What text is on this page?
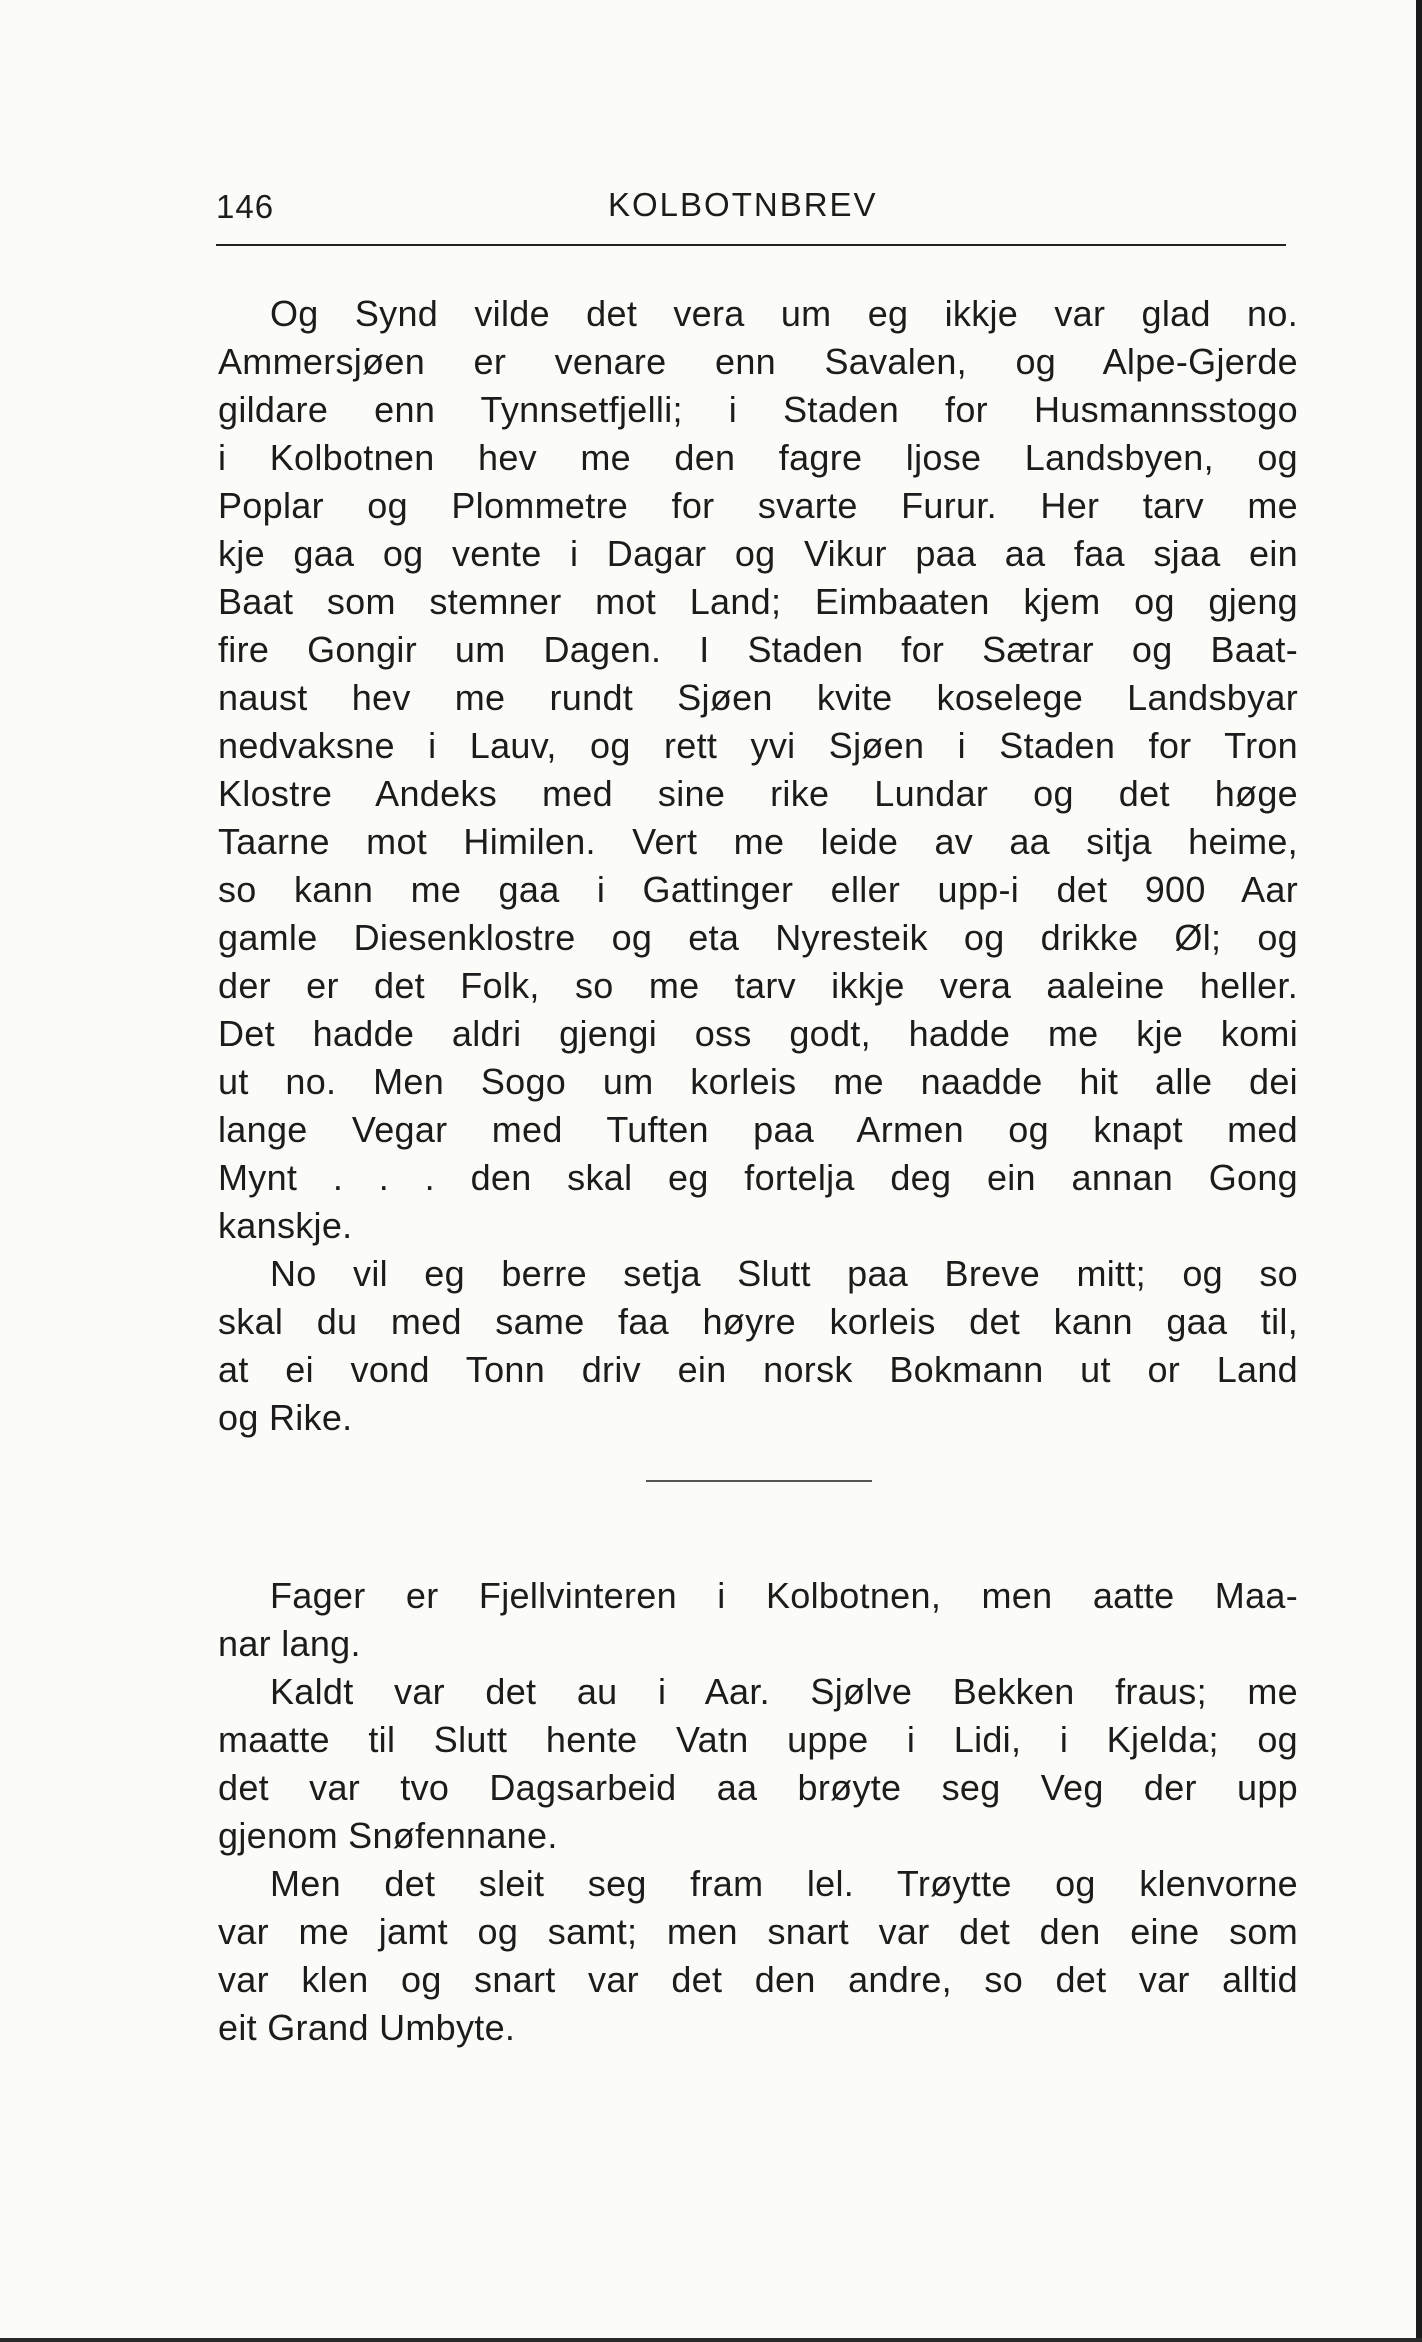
146	KOLBOTNBREV
Og Synd vilde det vera um eg ikkje var glad no.
Ammersjøen er venare enn Savalen, og Alpe-Gjerde
gildare enn Tynnsetfjelli; i Staden for Husmannsstogo
i Kolbotnen hev me den fagre ljose Landsbyen, og
Poplar og Plommetre for svarte Furur. Her tarv me
kje gaa og vente i Dagar og Vikur paa aa faa sjaa ein
Baat som stemner mot Land; Eimbaaten kjem og gjeng
fire Gongir um Dagen. I Staden for Sætrar og Baat-
naust hev me rundt Sjøen kvite koselege Landsbyar
nedvaksne i Lauv, og rett yvi Sjøen i Staden for Tron
Klostre Andeks med sine rike Lundar og det høge
Taarne mot Himilen. Vert me leide av aa sitja heime,
so kann me gaa i Gattinger eller upp-i det 900 Aar
gamle Diesenklostre og eta Nyresteik og drikke Øl; og
der er det Folk, so me tarv ikkje vera aaleine heller.
Det hadde aldri gjengi oss godt, hadde me kje komi
ut no. Men Sogo um korleis me naadde hit alle dei
lange Vegar med Tuften paa Armen og knapt med
Mynt . . . den skal eg fortelja deg ein annan Gong
kanskje.
No vil eg berre setja Slutt paa Breve mitt; og so
skal du med same faa høyre korleis det kann gaa til,
at ei vond Tonn driv ein norsk Bokmann ut or Land
og Rike.
Fager er Fjellvinteren i Kolbotnen, men aatte Maa-
nar lang.
Kaldt var det au i Aar. Sjølve Bekken fraus; me
maatte til Slutt hente Vatn uppe i Lidi, i Kjelda; og
det var tvo Dagsarbeid aa brøyte seg Veg der upp
gjenom Snøfennane.
Men det sleit seg fram lel. Trøytte og klenvorne
var me jamt og samt; men snart var det den eine som
var klen og snart var det den andre, so det var alltid
eit Grand Umbyte.
